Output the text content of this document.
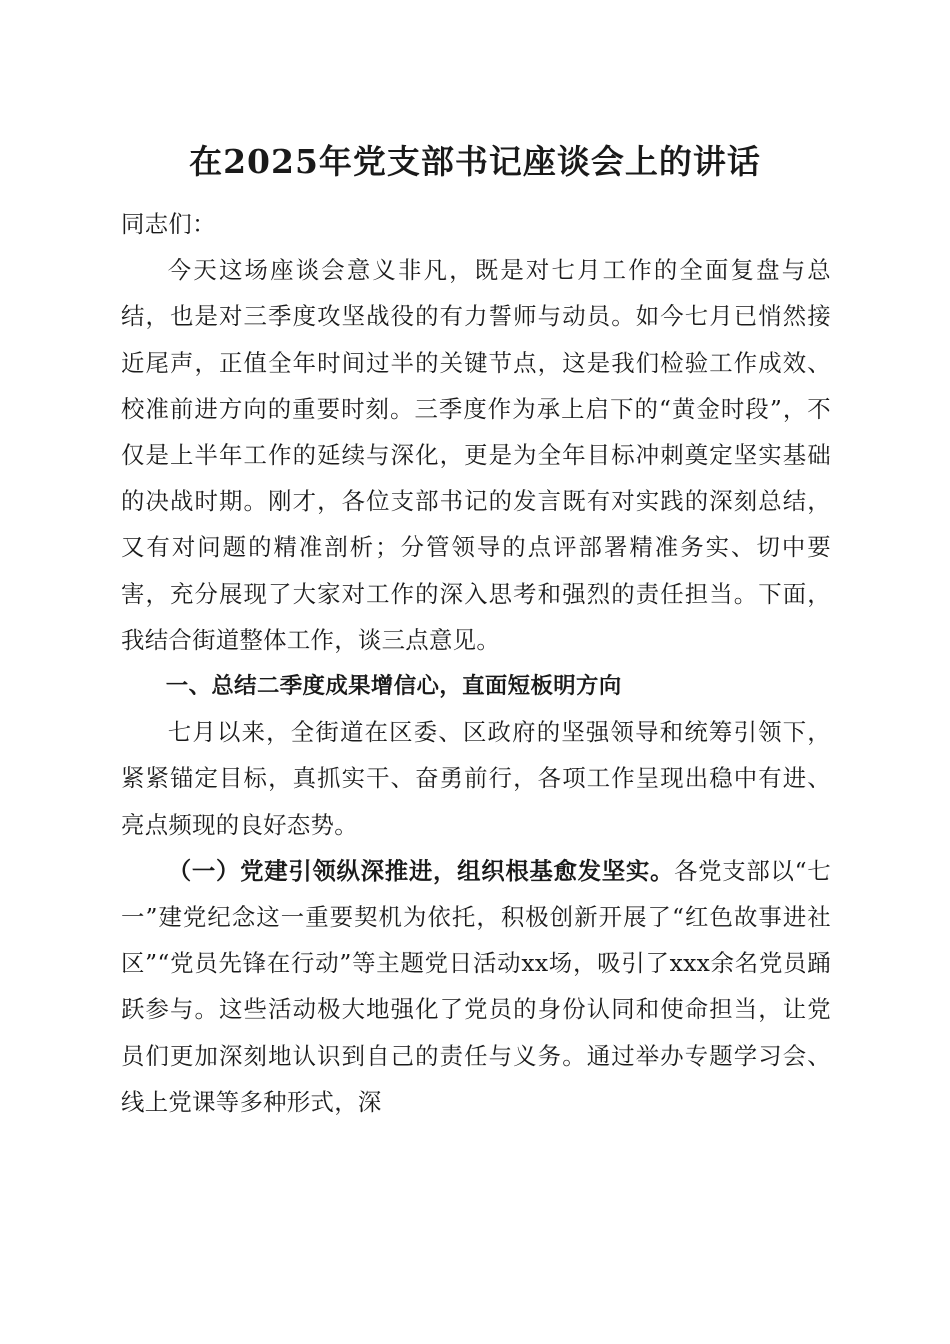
在2025年党支部书记座谈会上的讲话

同志们：

今天这场座谈会意义非凡，既是对七月工作的全面复盘与总结，也是对三季度攻坚战役的有力誓师与动员。如今七月已悄然接近尾声，正值全年时间过半的关键节点，这是我们检验工作成效、校准前进方向的重要时刻。三季度作为承上启下的“黄金时段”，不仅是上半年工作的延续与深化，更是为全年目标冲刺奠定坚实基础的决战时期。刚才，各位支部书记的发言既有对实践的深刻总结，又有对问题的精准剖析；分管领导的点评部署精准务实、切中要害，充分展现了大家对工作的深入思考和强烈的责任担当。下面，我结合街道整体工作，谈三点意见。

一、总结二季度成果增信心，直面短板明方向

七月以来，全街道在区委、区政府的坚强领导和统筹引领下，紧紧锚定目标，真抓实干、奋勇前行，各项工作呈现出稳中有进、亮点频现的良好态势。

（一）党建引领纵深推进，组织根基愈发坚实。各党支部以“七一”建党纪念这一重要契机为依托，积极创新开展了“红色故事进社区”“党员先锋在行动”等主题党日活动xx场，吸引了xxx余名党员踊跃参与。这些活动极大地强化了党员的身份认同和使命担当，让党员们更加深刻地认识到自己的责任与义务。通过举办专题学习会、线上党课等多种形式，深
